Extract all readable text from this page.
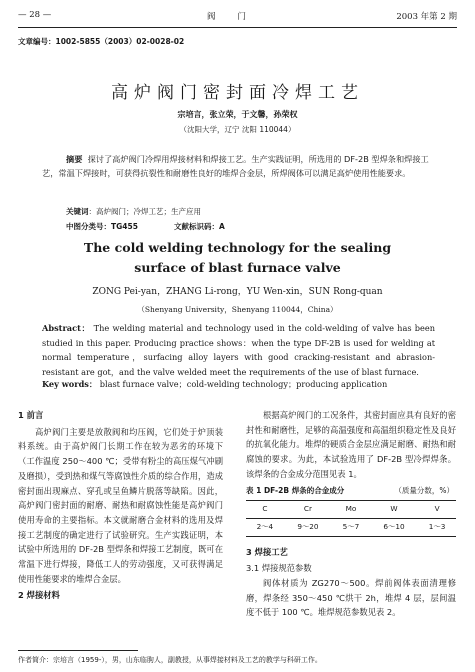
— 28 —	阀门	2003 年第 2 期
文章编号：1002-5855（2003）02-0028-02
高炉阀门密封面冷焊工艺
宗培言，张立荣，于文馨，孙荣权
（沈阳大学，辽宁 沈阳 110044）
摘要 探讨了高炉阀门冷焊用焊接材料和焊接工艺。生产实践证明，所选用的 DF-2B 型焊条和焊接工艺，常温下焊接时，可获得抗裂性和耐磨性良好的堆焊合金层，所焊阀体可以满足高炉使用性能要求。
关键词：高炉阀门；冷焊工艺；生产应用
中图分类号：TG455	文献标识码：A
The cold welding technology for the sealing
surface of blast furnace valve
ZONG Pei-yan，ZHANG Li-rong，YU Wen-xin，SUN Rong-quan
（Shenyang University，Shenyang 110044，China）
Abstract： The welding material and technology used in the cold-welding of valve has been studied in this paper. Producing practice shows：when the type DF-2B is used for welding at normal temperature，surfacing alloy layers with good cracking-resistant and abrasion-resistant are got，and the valve welded meet the requirements of the use of blast furnace.
Key words： blast furnace valve；cold-welding technology；producing application
1 前言

高炉阀门主要是放散阀和均压阀，它们处于炉顶装料系统。由于高炉阀门长期工作在较为恶劣的环境下（工作温度 250～400 ℃；受带有粉尘的高压煤气冲刷及磨损），受到热和煤气等腐蚀性介质的综合作用，造成密封面出现麻点、穿孔或呈鱼鳞片脱落等缺陷。因此，高炉阀门密封面的耐磨、耐热和耐腐蚀性能是高炉阀门使用寿命的主要指标。本文就耐磨合金材料的选用及焊接工艺制度的确定进行了试验研究。生产实践证明，本试验中所选用的 DF-2B 型焊条和焊接工艺制度，既可在常温下进行焊接，降低工人的劳动强度，又可获得满足使用性能要求的堆焊合金层。

2 焊接材料

根据高炉阀门的工况条件，其密封面应具有良好的密封性和耐磨性，足够的高温强度和高温组织稳定性及良好的抗氧化能力。堆焊的硬质合金层应满足耐磨、耐热和耐腐蚀的要求。为此，本试验选用了 DF-2B 型冷焊焊条。该焊条的合金成分范围见表 1。

表 1 DF-2B 焊条的合金成分	（质量分数，%）
C	Cr	Mo	W	V
2～4	9～20	5～7	6～10	1～3
3 焊接工艺
3.1 焊接规范参数

阀体材质为 ZG270～500。焊前阀体表面清理修磨，焊条经 350～450 ℃烘干 2h，堆焊 4 层，层间温度不低于 100 ℃。堆焊规范参数见表 2。

作者简介：宗培言（1959-），男，山东临朐人，副教授，从事焊接材料及工艺的教学与科研工作。
